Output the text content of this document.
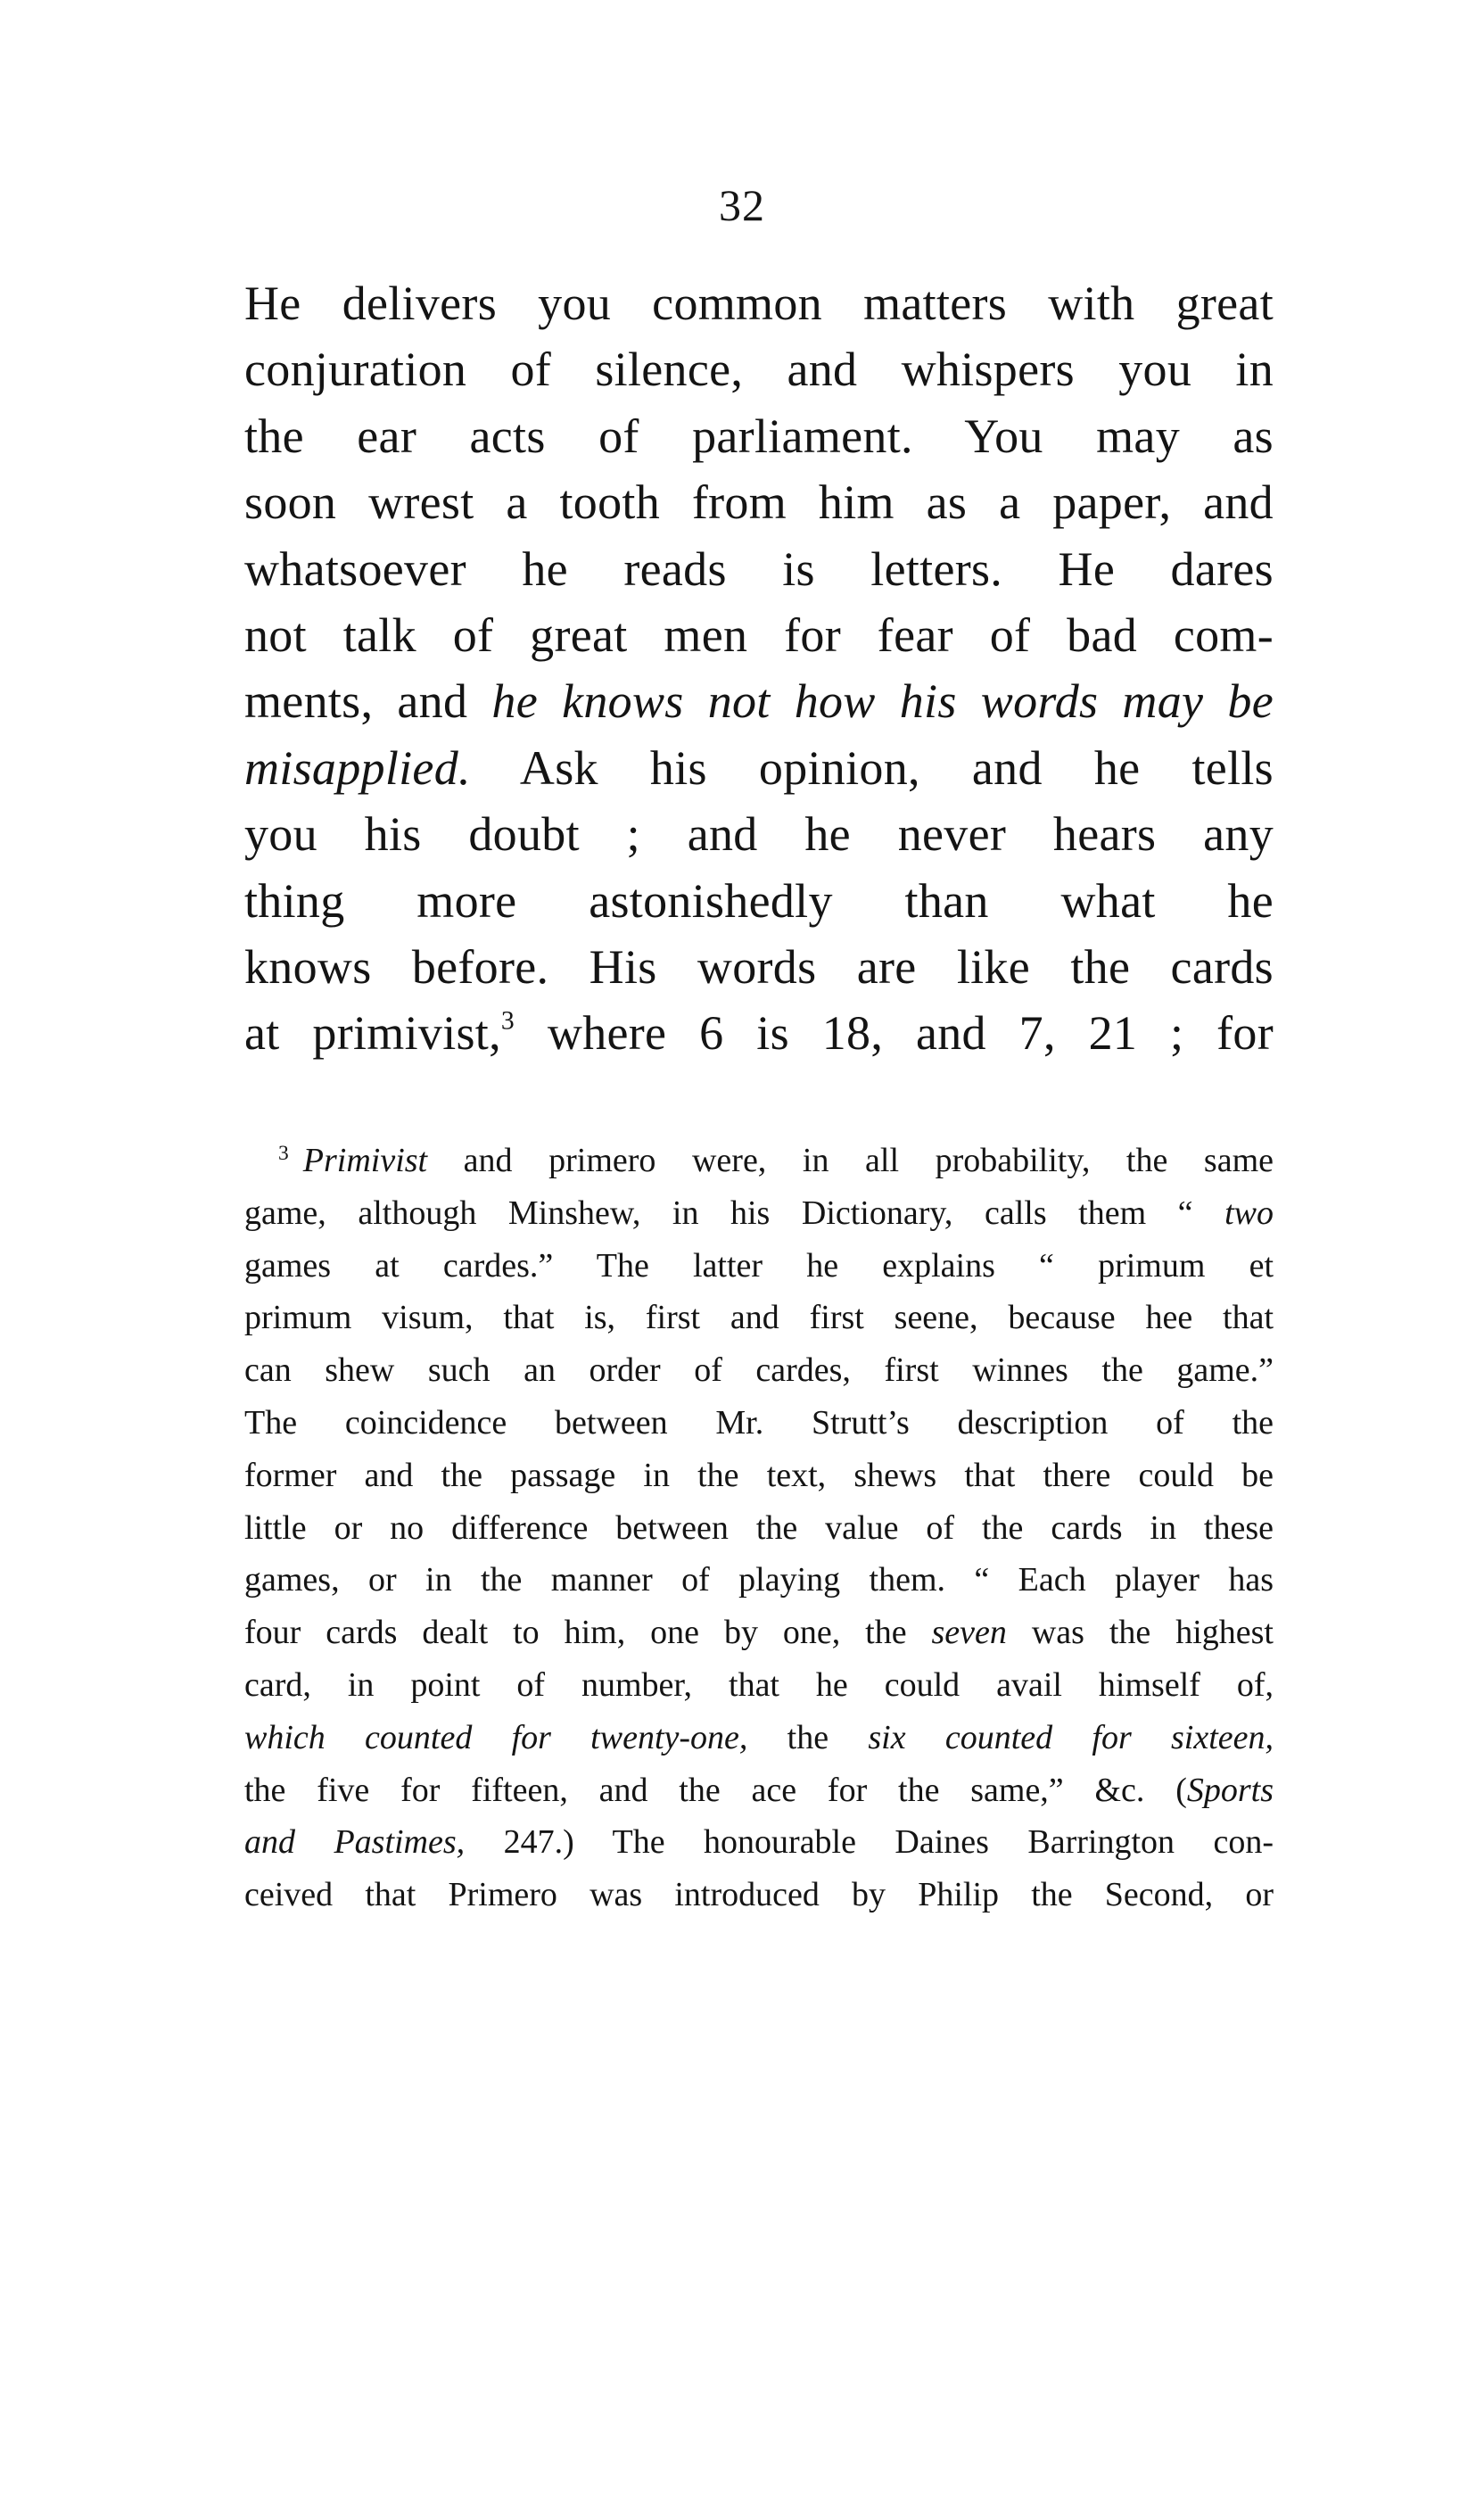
32
He delivers you common matters with great
conjuration of silence, and whispers you in
the ear acts of parliament. You may as
soon wrest a tooth from him as a paper, and
whatsoever he reads is letters. He dares
not talk of great men for fear of bad com-
ments, and he knows not how his words may be
misapplied. Ask his opinion, and he tells
you his doubt ; and he never hears any
thing more astonishedly than what he
knows before. His words are like the cards
at primivist,$^3$ where 6 is 18, and 7, 21 ; for
$^3$ Primivist and primero were, in all probability, the same
game, although Minshew, in his Dictionary, calls them “ two
games at cardes.” The latter he explains “ primum et
primum visum, that is, first and first seene, because hee that
can shew such an order of cardes, first winnes the game.”
The coincidence between Mr. Strutt’s description of the
former and the passage in the text, shews that there could be
little or no difference between the value of the cards in these
games, or in the manner of playing them. “ Each player has
four cards dealt to him, one by one, the seven was the highest
card, in point of number, that he could avail himself of,
which counted for twenty-one, the six counted for sixteen,
the five for fifteen, and the ace for the same,” &c. (Sports
and Pastimes, 247.) The honourable Daines Barrington con-
ceived that Primero was introduced by Philip the Second, or
